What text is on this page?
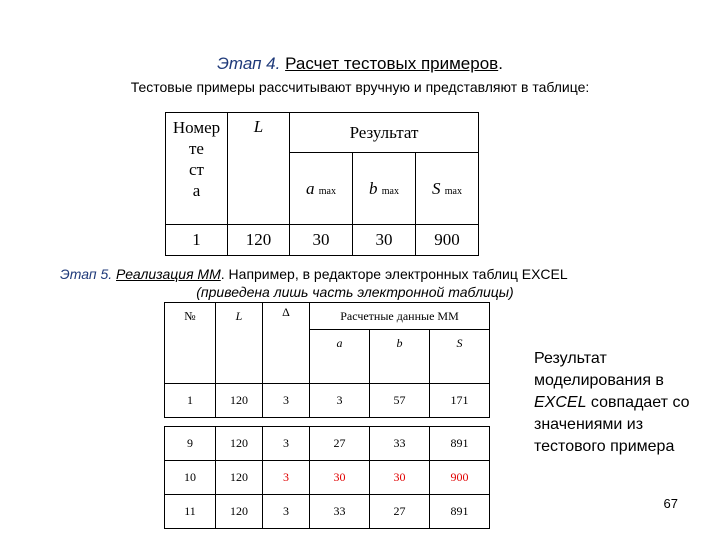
Этап 4. Расчет тестовых примеров.
Тестовые примеры рассчитывают вручную и представляют в таблице:
Номер
те
ст
а	L	Результат		
		a max	b max	S max
1	120	30	30	900
Этап 5. Реализация ММ. Например, в редакторе электронных таблиц EXCEL
(приведена лишь часть электронной таблицы)
№	L	Δ	Расчетные данные ММ		
			a	b	S
1	120	3	3	57	171

9	120	3	27	33	891
10	120	3	30	30	900
11	120	3	33	27	891
Результат
моделирования в
EXCEL совпадает со
значениями из
тестового примера
67
